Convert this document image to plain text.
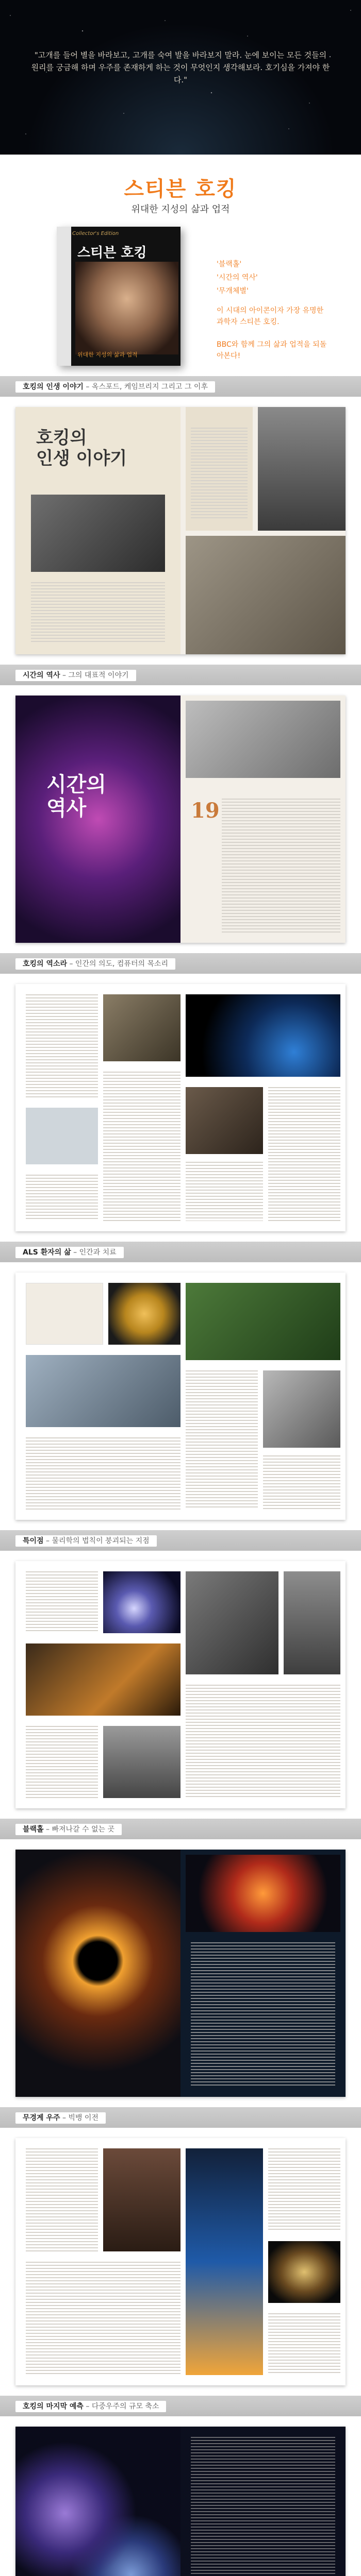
"고개를 들어 별을 바라보고, 고개를 숙여 발을 바라보지 말라. 눈에 보이는 모든 것들의 원리를 궁금해 하며 우주를 존재하게 하는 것이 무엇인지 생각해보라. 호기심을 가져야 한다."
스티븐 호킹
위대한 지성의 삶과 업적
Collector's Edition
스티븐 호킹
위대한 지성의 삶과 업적
'블랙홀'
'시간의 역사'
'무개체별'
이 시대의 아이콘이자 가장 유명한 과학자 스티븐 호킹.

BBC와 함께 그의 삶과 업적을 되돌아본다!
호킹의 인생 이야기 – 옥스포드, 케임브리지 그리고 그 이후
호킹의
인생 이야기
시간의 역사 – 그의 대표적 이야기
시간의
역사	19
호킹의 역소라 – 인간의 의도, 컴퓨터의 목소리
ALS 환자의 삶 – 인간과 치료
특이점 – 물리학의 법칙이 붕괴되는 지점
블랙홀 – 빠져나갈 수 없는 곳
무경계 우주 – 빅뱅 이전
호킹의 마지막 예측 – 다중우주의 규모 축소
